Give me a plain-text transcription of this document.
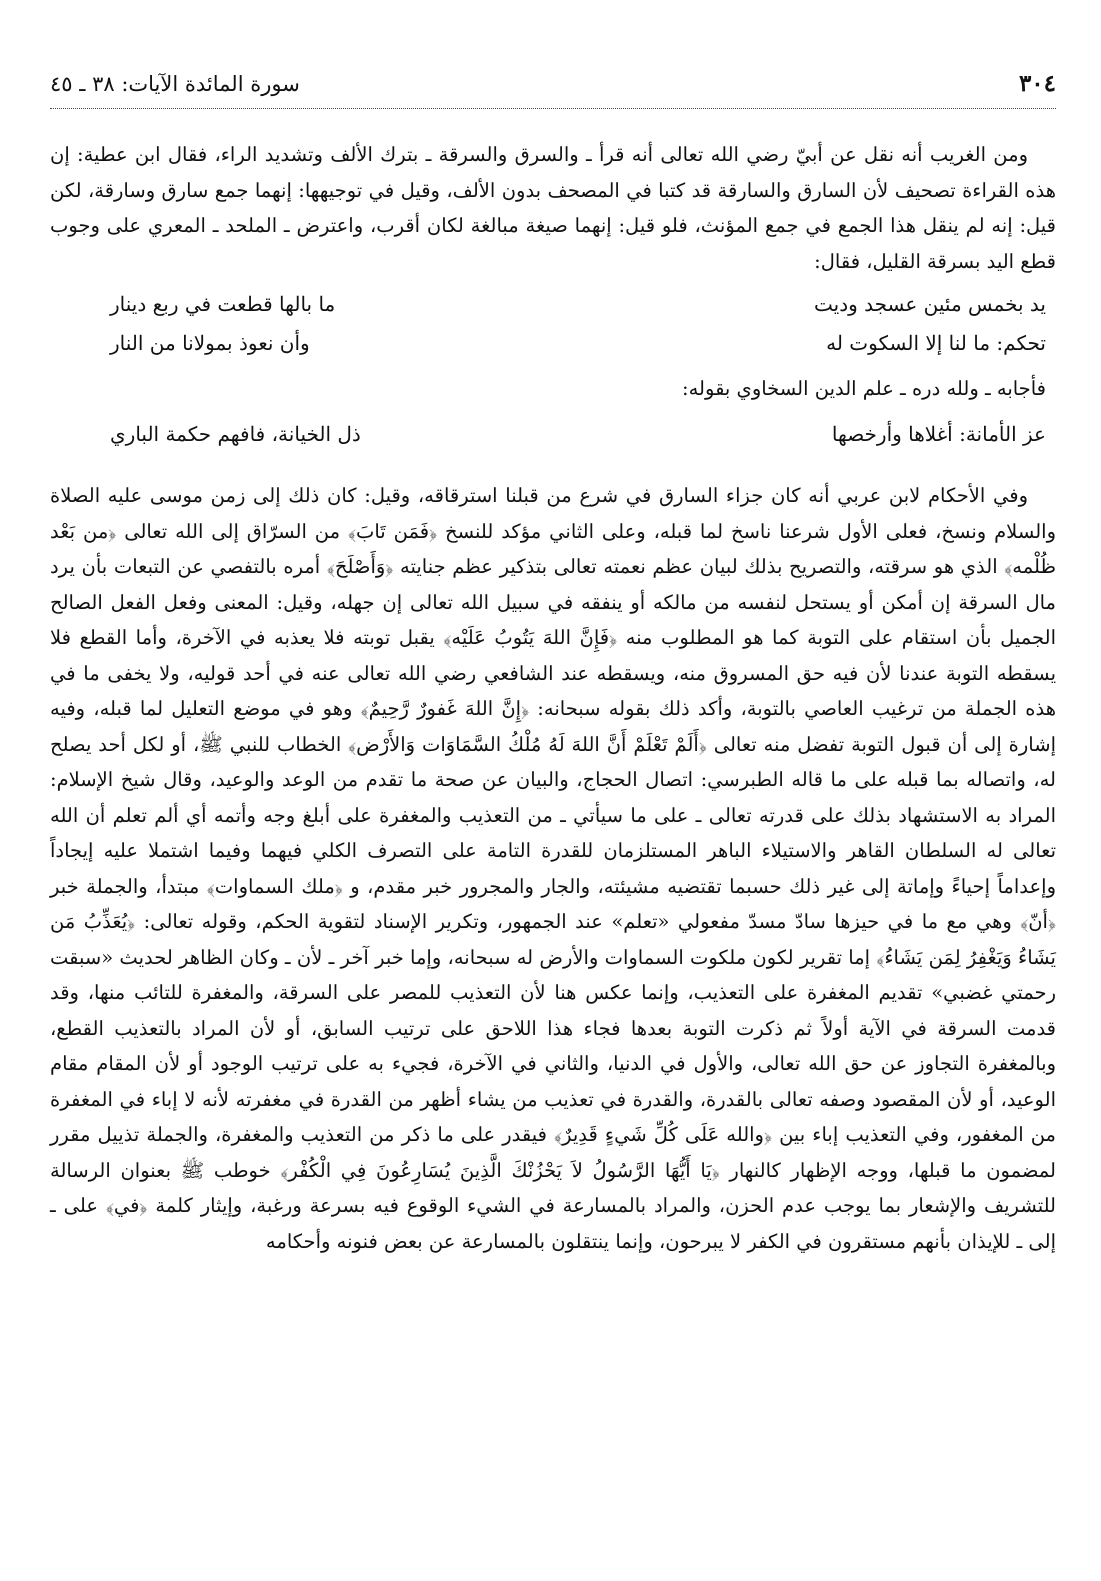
٣٠٤
سورة المائدة الآيات: ٣٨ ـ ٤٥

ومن الغريب أنه نقل عن أبيّ رضي الله تعالى أنه قرأ ـ والسرق والسرقة ـ بترك الألف وتشديد الراء، فقال ابن عطية: إن هذه القراءة تصحيف لأن السارق والسارقة قد كتبا في المصحف بدون الألف، وقيل في توجيهها: إنهما جمع سارق وسارقة، لكن قيل: إنه لم ينقل هذا الجمع في جمع المؤنث، فلو قيل: إنهما صيغة مبالغة لكان أقرب، واعترض ـ الملحد ـ المعري على وجوب قطع اليد بسرقة القليل، فقال:

يد بخمس مئين عسجد وديت
ما بالها قطعت في ربع دينار
تحكم: ما لنا إلا السكوت له
وأن نعوذ بمولانا من النار
فأجابه ـ ولله دره ـ علم الدين السخاوي بقوله:
عز الأمانة: أغلاها وأرخصها
ذل الخيانة، فافهم حكمة الباري

وفي الأحكام لابن عربي أنه كان جزاء السارق في شرع من قبلنا استرقاقه، وقيل: كان ذلك إلى زمن موسى عليه الصلاة والسلام ونسخ، فعلى الأول شرعنا ناسخ لما قبله، وعلى الثاني مؤكد للنسخ ﴿فَمَن تَابَ﴾ من السرّاق إلى الله تعالى ﴿من بَعْد ظُلْمه﴾ الذي هو سرقته، والتصريح بذلك لبيان عظم نعمته تعالى بتذكير عظم جنايته ﴿وَأَصْلَحَ﴾ أمره بالتفصي عن التبعات بأن يرد مال السرقة إن أمكن أو يستحل لنفسه من مالكه أو ينفقه في سبيل الله تعالى إن جهله، وقيل: المعنى وفعل الفعل الصالح الجميل بأن استقام على التوبة كما هو المطلوب منه ﴿فَإِنَّ اللهَ يَتُوبُ عَلَيْه﴾ يقبل توبته فلا يعذبه في الآخرة، وأما القطع فلا يسقطه التوبة عندنا لأن فيه حق المسروق منه، ويسقطه عند الشافعي رضي الله تعالى عنه في أحد قوليه، ولا يخفى ما في هذه الجملة من ترغيب العاصي بالتوبة، وأكد ذلك بقوله سبحانه: ﴿إِنَّ اللهَ غَفورٌ رَّحِيمٌ﴾ وهو في موضع التعليل لما قبله، وفيه إشارة إلى أن قبول التوبة تفضل منه تعالى ﴿أَلَمْ تَعْلَمْ أَنَّ اللهَ لَهُ مُلْكُ السَّمَاوَات وَالأَرْض﴾ الخطاب للنبي ﷺ، أو لكل أحد يصلح له، واتصاله بما قبله على ما قاله الطبرسي: اتصال الحجاج، والبيان عن صحة ما تقدم من الوعد والوعيد، وقال شيخ الإسلام: المراد به الاستشهاد بذلك على قدرته تعالى ـ على ما سيأتي ـ من التعذيب والمغفرة على أبلغ وجه وأتمه أي ألم تعلم أن الله تعالى له السلطان القاهر والاستيلاء الباهر المستلزمان للقدرة التامة على التصرف الكلي فيهما وفيما اشتملا عليه إيجاداً وإعداماً إحياءً وإماتة إلى غير ذلك حسبما تقتضيه مشيئته، والجار والمجرور خبر مقدم، و ﴿ملك السماوات﴾ مبتدأ، والجملة خبر ﴿أنّ﴾ وهي مع ما في حيزها سادّ مسدّ مفعولي «تعلم» عند الجمهور، وتكرير الإسناد لتقوية الحكم، وقوله تعالى: ﴿يُعَذِّبُ مَن يَشَاءُ وَيَغْفِرُ لِمَن يَشَاءُ﴾ إما تقرير لكون ملكوت السماوات والأرض له سبحانه، وإما خبر آخر ـ لأن ـ وكان الظاهر لحديث «سبقت رحمتي غضبي» تقديم المغفرة على التعذيب، وإنما عكس هنا لأن التعذيب للمصر على السرقة، والمغفرة للتائب منها، وقد قدمت السرقة في الآية أولاً ثم ذكرت التوبة بعدها فجاء هذا اللاحق على ترتيب السابق، أو لأن المراد بالتعذيب القطع، وبالمغفرة التجاوز عن حق الله تعالى، والأول في الدنيا، والثاني في الآخرة، فجيء به على ترتيب الوجود أو لأن المقام مقام الوعيد، أو لأن المقصود وصفه تعالى بالقدرة، والقدرة في تعذيب من يشاء أظهر من القدرة في مغفرته لأنه لا إباء في المغفرة من المغفور، وفي التعذيب إباء بين ﴿والله عَلَى كُلِّ شَيءٍ قَدِيرٌ﴾ فيقدر على ما ذكر من التعذيب والمغفرة، والجملة تذييل مقرر لمضمون ما قبلها، ووجه الإظهار كالنهار ﴿يَا أَيُّهَا الرَّسُولُ لاَ يَحْزُنْكَ الَّذِينَ يُسَارِعُونَ فِي الْكُفْر﴾ خوطب ﷺ بعنوان الرسالة للتشريف والإشعار بما يوجب عدم الحزن، والمراد بالمسارعة في الشيء الوقوع فيه بسرعة ورغبة، وإيثار كلمة ﴿في﴾ على ـ إلى ـ للإيذان بأنهم مستقرون في الكفر لا يبرحون، وإنما ينتقلون بالمسارعة عن بعض فنونه وأحكامه
